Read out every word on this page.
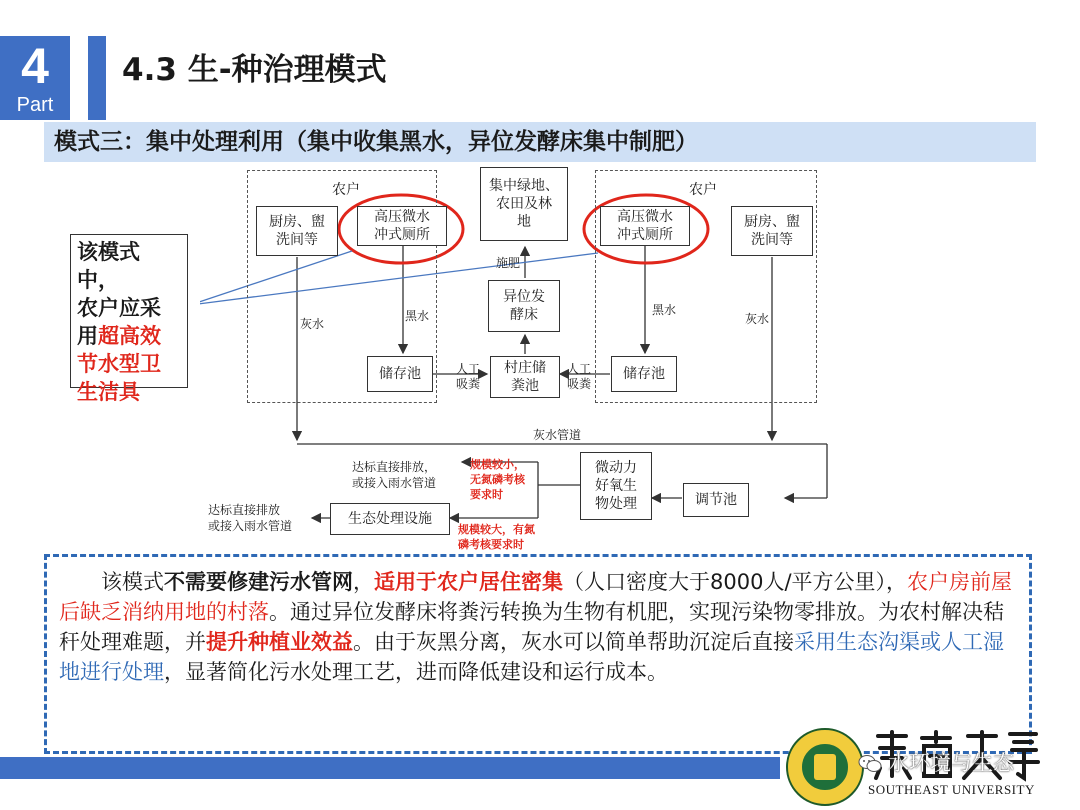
4
Part
4.3 生-种治理模式
模式三：集中处理利用（集中收集黑水，异位发酵床集中制肥）
该模式中，
农户应采
用超高效
节水型卫
生洁具
农户	农户
厨房、盥
洗间等
高压微水
冲式厕所
高压微水
冲式厕所
厨房、盥
洗间等
集中绿地、
农田及林
地
施肥
异位发
酵床
灰水	灰水
黑水	黑水
储存池	储存池
村庄储
粪池
人工
吸粪
人工
吸粪
灰水管道
微动力
好氧生
物处理	调节池
生态处理设施
达标直接排放，
或接入雨水管道
达标直接排放
或接入雨水管道
规模较小，
无氮磷考核
要求时
规模较大，有氮
磷考核要求时
　　该模式不需要修建污水管网，适用于农户居住密集（人口密度大于8000人/平方公里），农户房前屋后缺乏消纳用地的村落。通过异位发酵床将粪污转换为生物有机肥，实现污染物零排放。为农村解决秸秆处理难题，并提升种植业效益。由于灰黑分离，灰水可以简单帮助沉淀后直接采用生态沟渠或人工湿地进行处理，显著简化污水处理工艺，进而降低建设和运行成本。
水环境与生态
SOUTHEAST UNIVERSITY
